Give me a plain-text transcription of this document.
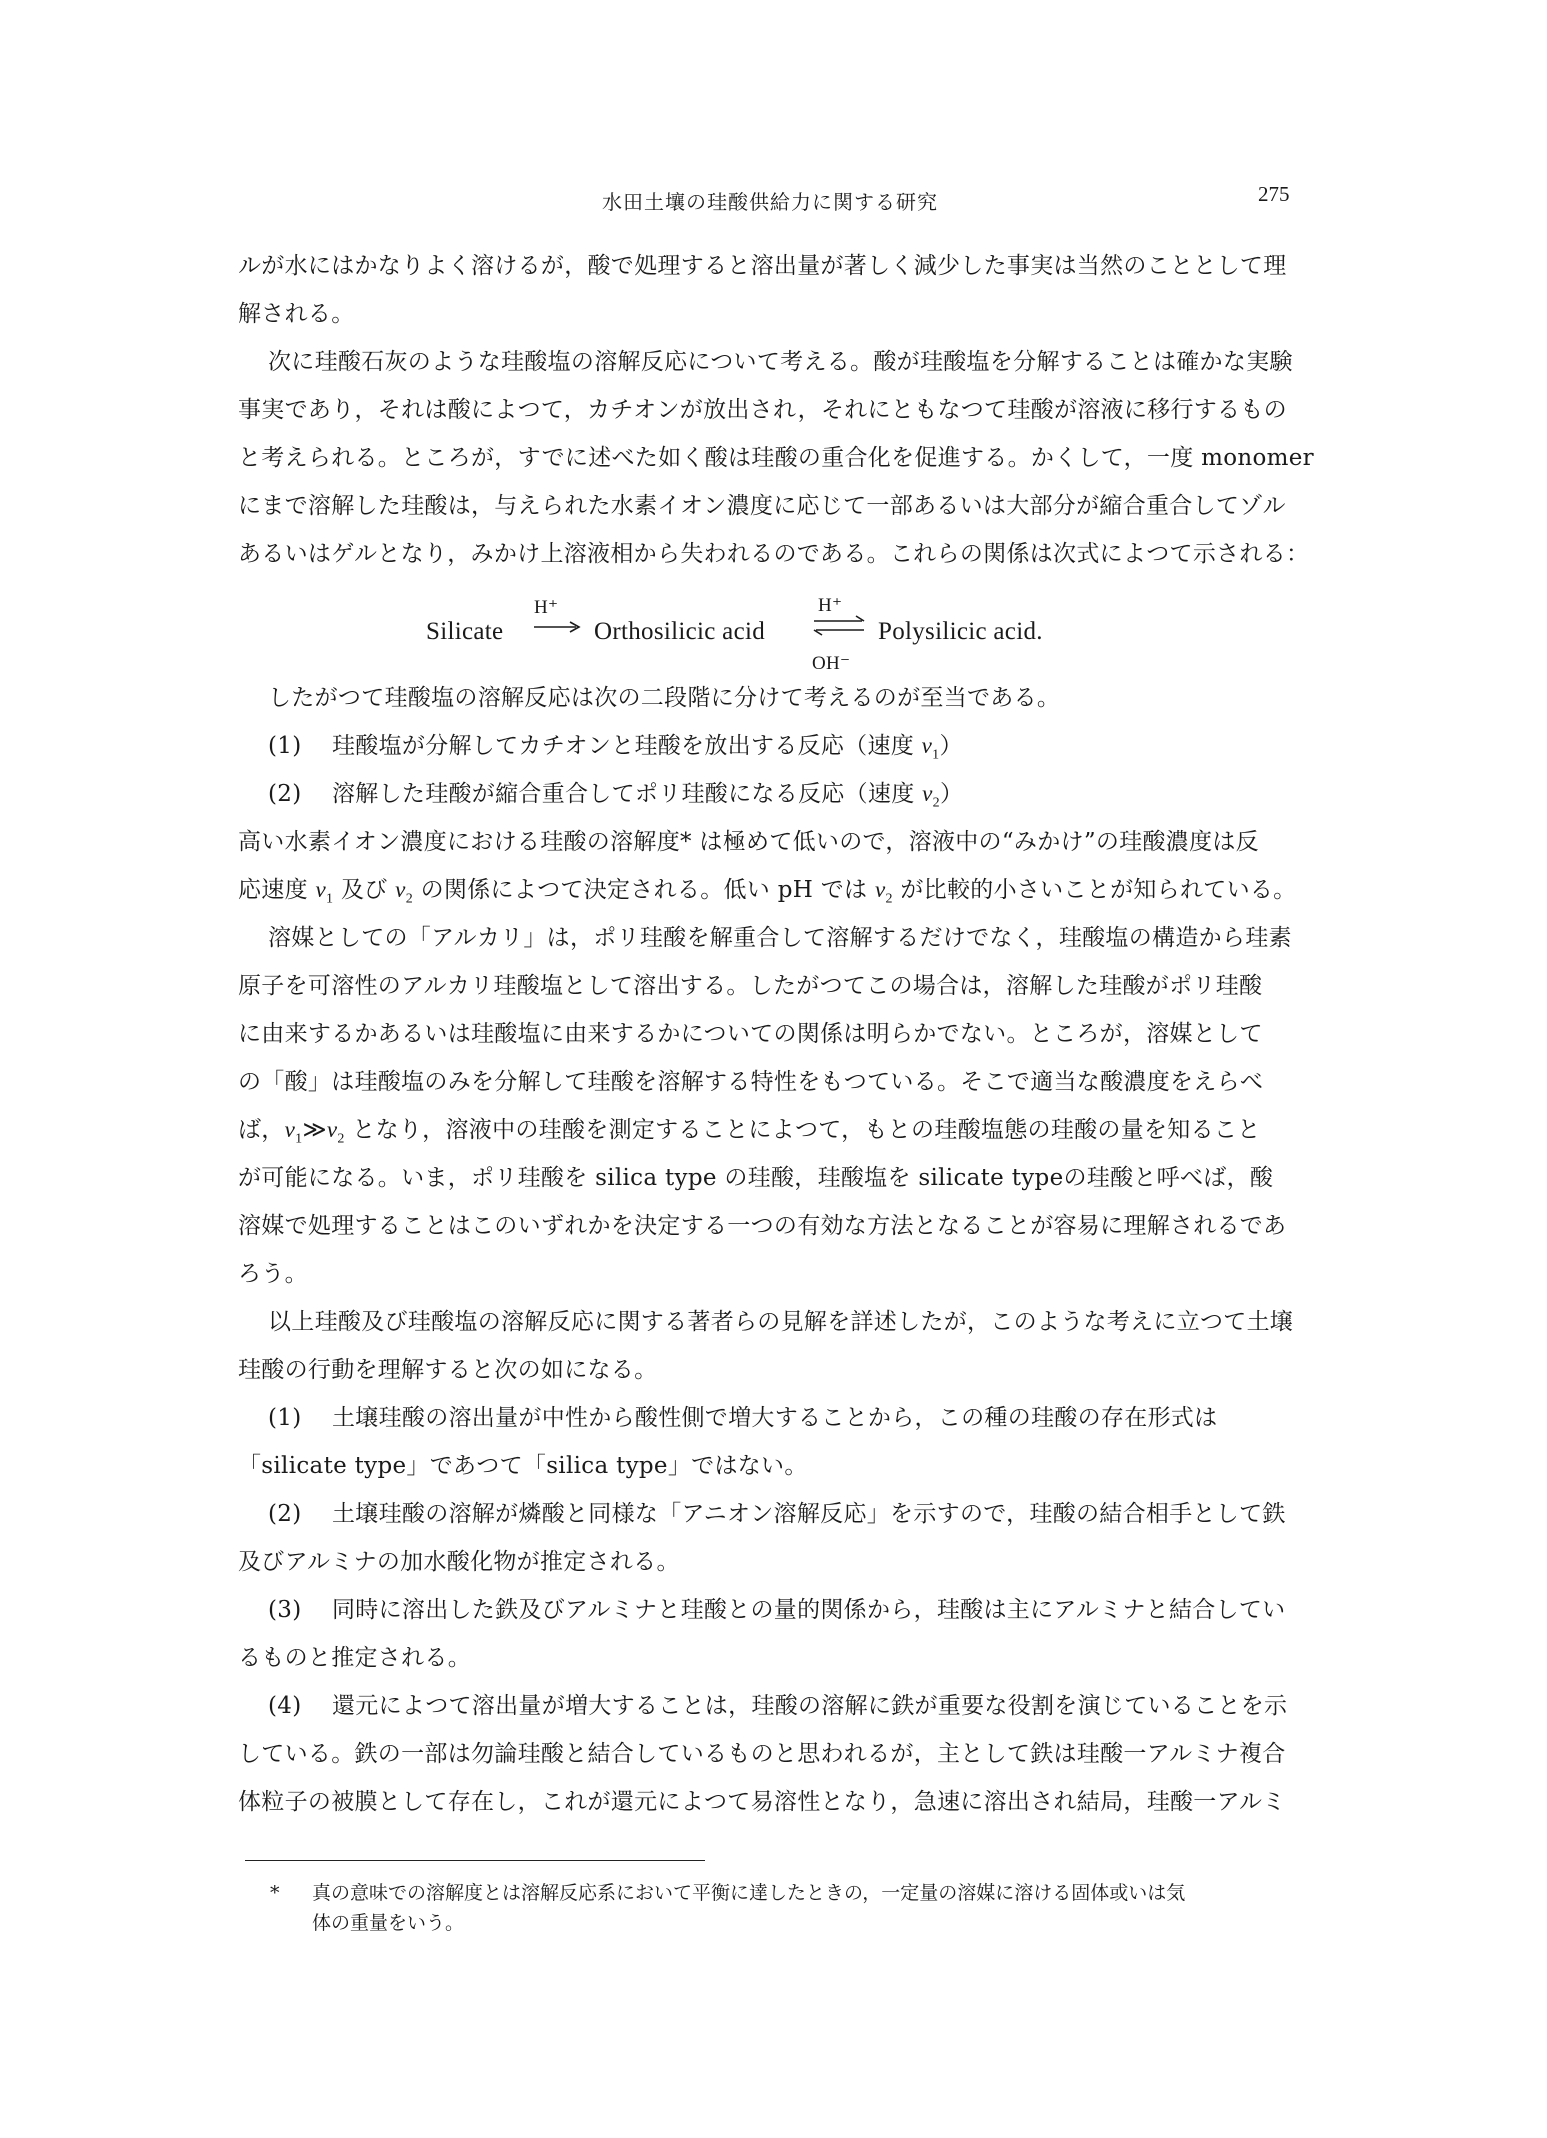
水田土壤の珪酸供給力に関する研究	275
ルが水にはかなりよく溶けるが，酸で処理すると溶出量が著しく減少した事実は当然のこととして理
解される。
次に珪酸石灰のような珪酸塩の溶解反応について考える。酸が珪酸塩を分解することは確かな実験
事実であり，それは酸によつて，カチオンが放出され，それにともなつて珪酸が溶液に移行するもの
と考えられる。ところが，すでに述べた如く酸は珪酸の重合化を促進する。かくして，一度 monomer
にまで溶解した珪酸は，与えられた水素イオン濃度に応じて一部あるいは大部分が縮合重合してゾル
あるいはゲルとなり，みかけ上溶液相から失われるのである。これらの関係は次式によつて示される：
Silicate
H⁺
Orthosilicic acid
H⁺
OH⁻
Polysilicic acid.
したがつて珪酸塩の溶解反応は次の二段階に分けて考えるのが至当である。
(1) 珪酸塩が分解してカチオンと珪酸を放出する反応（速度 $v_1$）
(2) 溶解した珪酸が縮合重合してポリ珪酸になる反応（速度 $v_2$）
高い水素イオン濃度における珪酸の溶解度* は極めて低いので，溶液中の“みかけ”の珪酸濃度は反
応速度 $v_1$ 及び $v_2$ の関係によつて決定される。低い pH では $v_2$ が比較的小さいことが知られている。
溶媒としての「アルカリ」は，ポリ珪酸を解重合して溶解するだけでなく，珪酸塩の構造から珪素
原子を可溶性のアルカリ珪酸塩として溶出する。したがつてこの場合は，溶解した珪酸がポリ珪酸
に由来するかあるいは珪酸塩に由来するかについての関係は明らかでない。ところが，溶媒として
の「酸」は珪酸塩のみを分解して珪酸を溶解する特性をもつている。そこで適当な酸濃度をえらべ
ば，$v_1≫v_2$ となり，溶液中の珪酸を測定することによつて，もとの珪酸塩態の珪酸の量を知ること
が可能になる。いま，ポリ珪酸を silica type の珪酸，珪酸塩を silicate typeの珪酸と呼べば，酸
溶媒で処理することはこのいずれかを決定する一つの有効な方法となることが容易に理解されるであ
ろう。
以上珪酸及び珪酸塩の溶解反応に関する著者らの見解を詳述したが，このような考えに立つて土壌
珪酸の行動を理解すると次の如になる。
(1) 土壌珪酸の溶出量が中性から酸性側で増大することから，この種の珪酸の存在形式は
「silicate type」であつて「silica type」ではない。
(2) 土壌珪酸の溶解が燐酸と同様な「アニオン溶解反応」を示すので，珪酸の結合相手として鉄
及びアルミナの加水酸化物が推定される。
(3) 同時に溶出した鉄及びアルミナと珪酸との量的関係から，珪酸は主にアルミナと結合してい
るものと推定される。
(4) 還元によつて溶出量が増大することは，珪酸の溶解に鉄が重要な役割を演じていることを示
している。鉄の一部は勿論珪酸と結合しているものと思われるが，主として鉄は珪酸一アルミナ複合
体粒子の被膜として存在し，これが還元によつて易溶性となり，急速に溶出され結局，珪酸一アルミ
*	真の意味での溶解度とは溶解反応系において平衡に達したときの，一定量の溶媒に溶ける固体或いは気
体の重量をいう。
